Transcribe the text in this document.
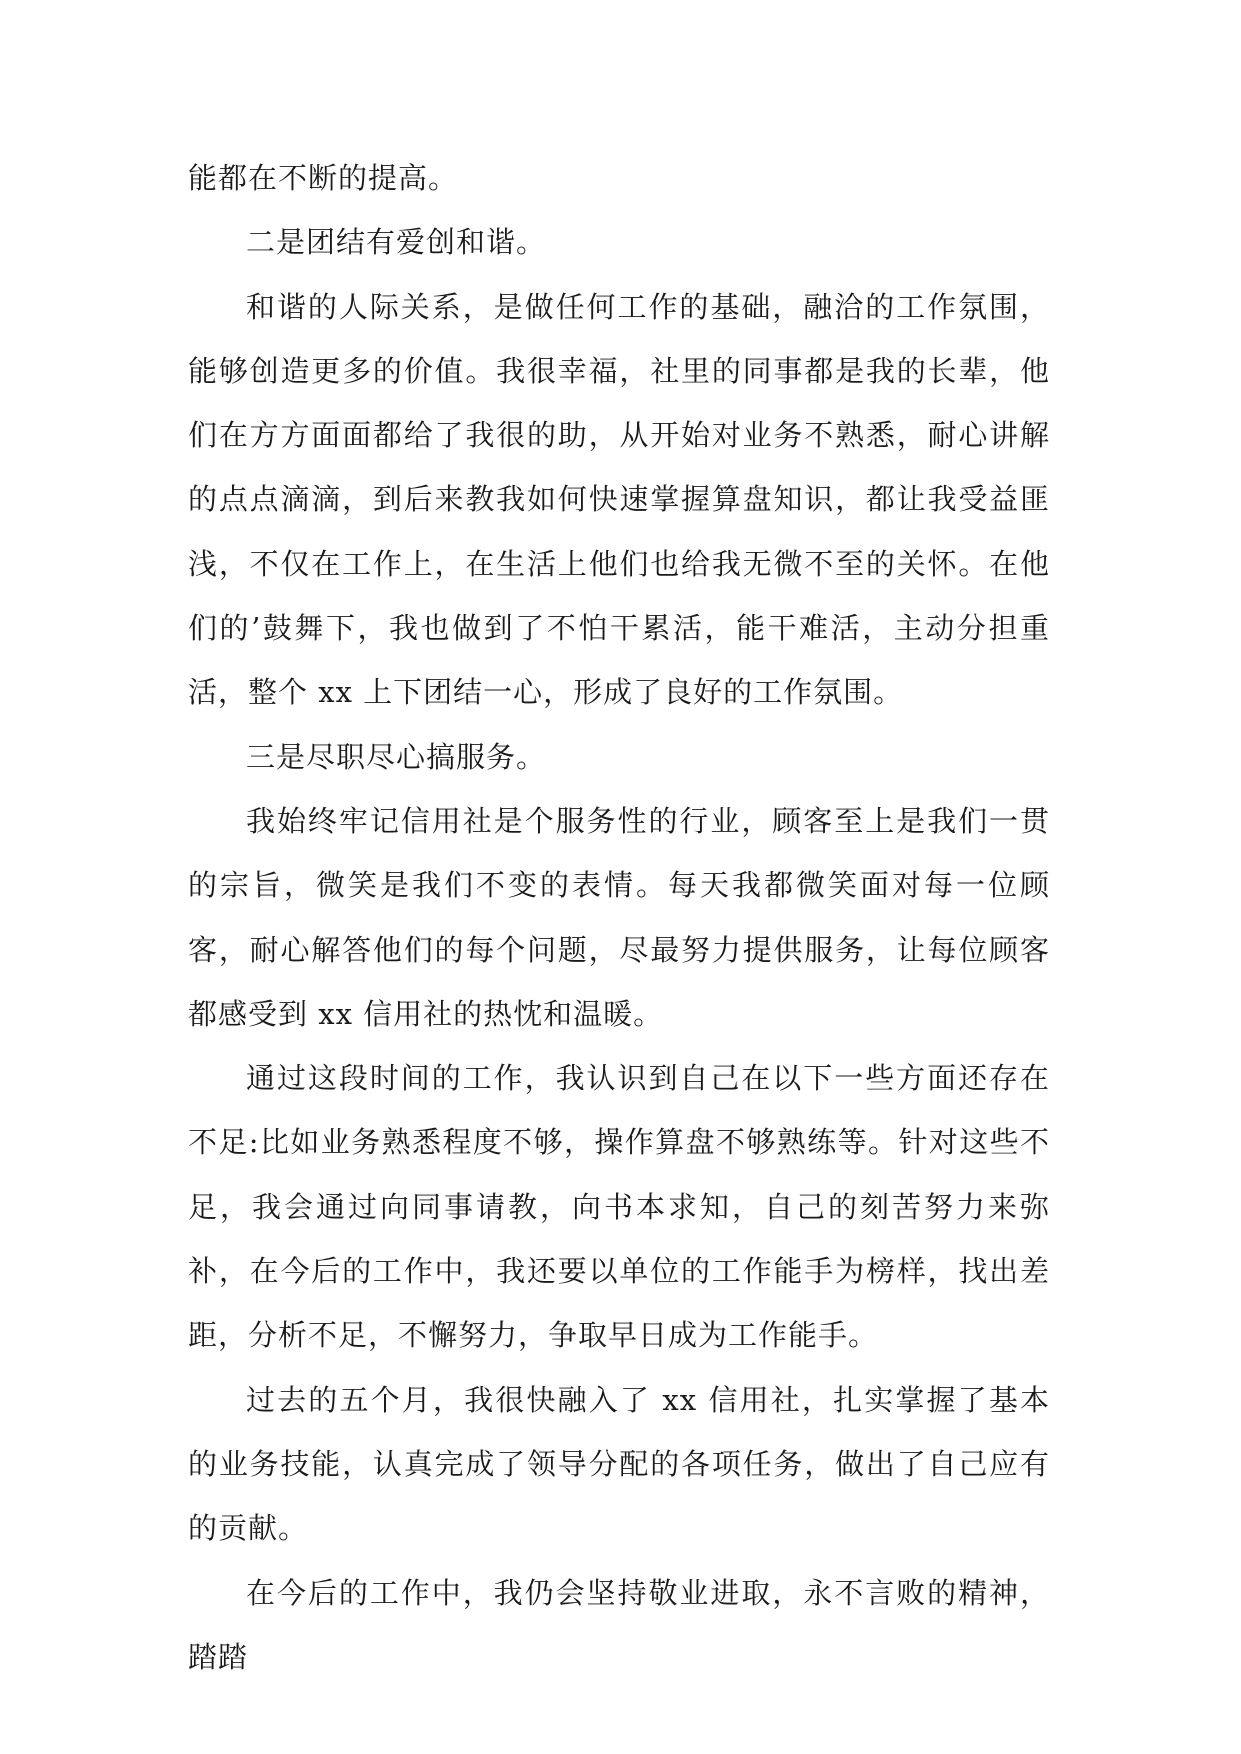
能都在不断的提高。

二是团结有爱创和谐。

和谐的人际关系，是做任何工作的基础，融洽的工作氛围，能够创造更多的价值。我很幸福，社里的同事都是我的长辈，他们在方方面面都给了我很的助，从开始对业务不熟悉，耐心讲解的点点滴滴，到后来教我如何快速掌握算盘知识，都让我受益匪浅，不仅在工作上，在生活上他们也给我无微不至的关怀。在他们的’鼓舞下，我也做到了不怕干累活，能干难活，主动分担重活，整个 xx 上下团结一心，形成了良好的工作氛围。

三是尽职尽心搞服务。

我始终牢记信用社是个服务性的行业，顾客至上是我们一贯的宗旨，微笑是我们不变的表情。每天我都微笑面对每一位顾客，耐心解答他们的每个问题，尽最努力提供服务，让每位顾客都感受到 xx 信用社的热忱和温暖。

通过这段时间的工作，我认识到自己在以下一些方面还存在不足:比如业务熟悉程度不够，操作算盘不够熟练等。针对这些不足，我会通过向同事请教，向书本求知，自己的刻苦努力来弥补，在今后的工作中，我还要以单位的工作能手为榜样，找出差距，分析不足，不懈努力，争取早日成为工作能手。

过去的五个月，我很快融入了 xx 信用社，扎实掌握了基本的业务技能，认真完成了领导分配的各项任务，做出了自己应有的贡献。

在今后的工作中，我仍会坚持敬业进取，永不言败的精神，踏踏
